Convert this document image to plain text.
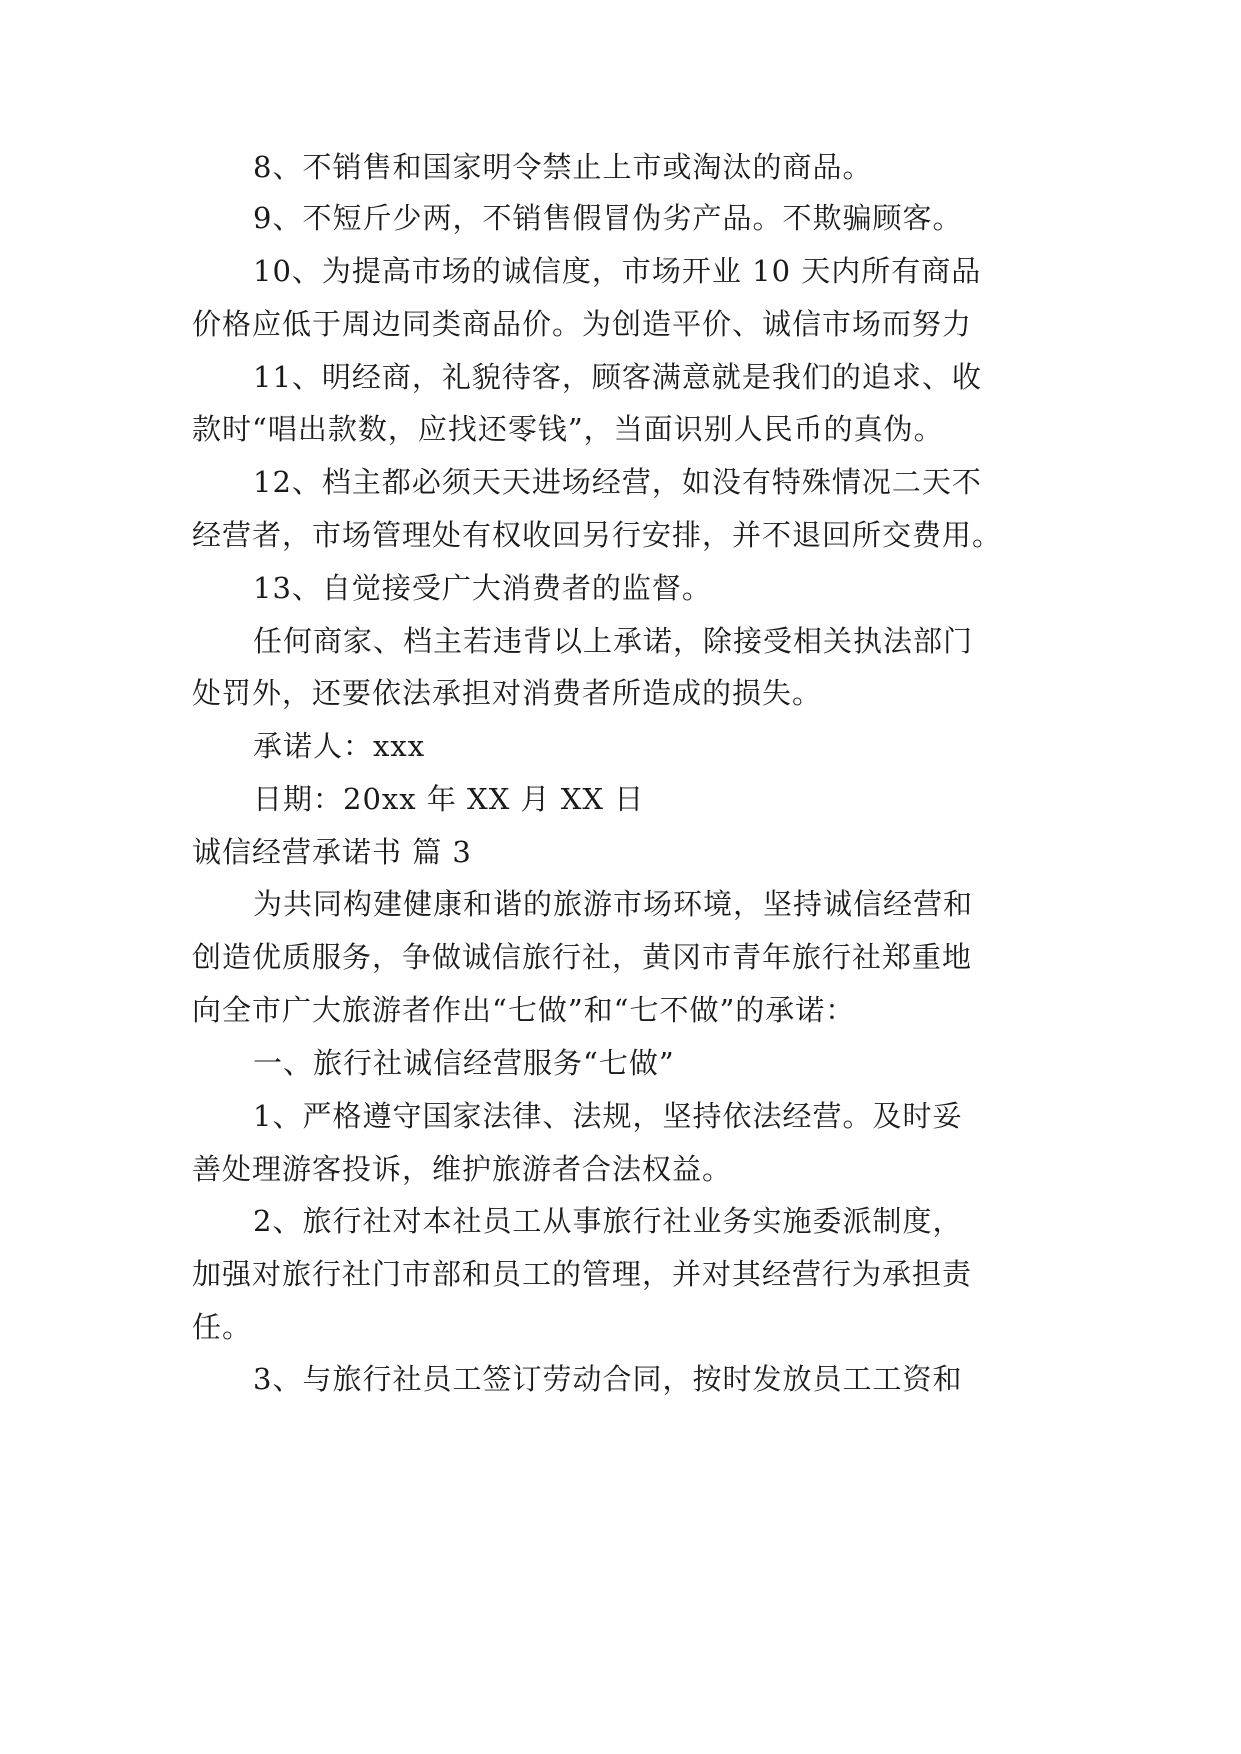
8、不销售和国家明令禁止上市或淘汰的商品。
9、不短斤少两，不销售假冒伪劣产品。不欺骗顾客。
10、为提高市场的诚信度，市场开业 10 天内所有商品
价格应低于周边同类商品价。为创造平价、诚信市场而努力
11、明经商，礼貌待客，顾客满意就是我们的追求、收
款时“唱出款数，应找还零钱”，当面识别人民币的真伪。
12、档主都必须天天进场经营，如没有特殊情况二天不
经营者，市场管理处有权收回另行安排，并不退回所交费用。
13、自觉接受广大消费者的监督。
任何商家、档主若违背以上承诺，除接受相关执法部门
处罚外，还要依法承担对消费者所造成的损失。
承诺人：xxx
日期：20xx 年 XX 月 XX 日
诚信经营承诺书 篇 3
为共同构建健康和谐的旅游市场环境，坚持诚信经营和
创造优质服务，争做诚信旅行社，黄冈市青年旅行社郑重地
向全市广大旅游者作出“七做”和“七不做”的承诺：
一、旅行社诚信经营服务“七做”
1、严格遵守国家法律、法规，坚持依法经营。及时妥
善处理游客投诉，维护旅游者合法权益。
2、旅行社对本社员工从事旅行社业务实施委派制度，
加强对旅行社门市部和员工的管理，并对其经营行为承担责
任。
3、与旅行社员工签订劳动合同，按时发放员工工资和
